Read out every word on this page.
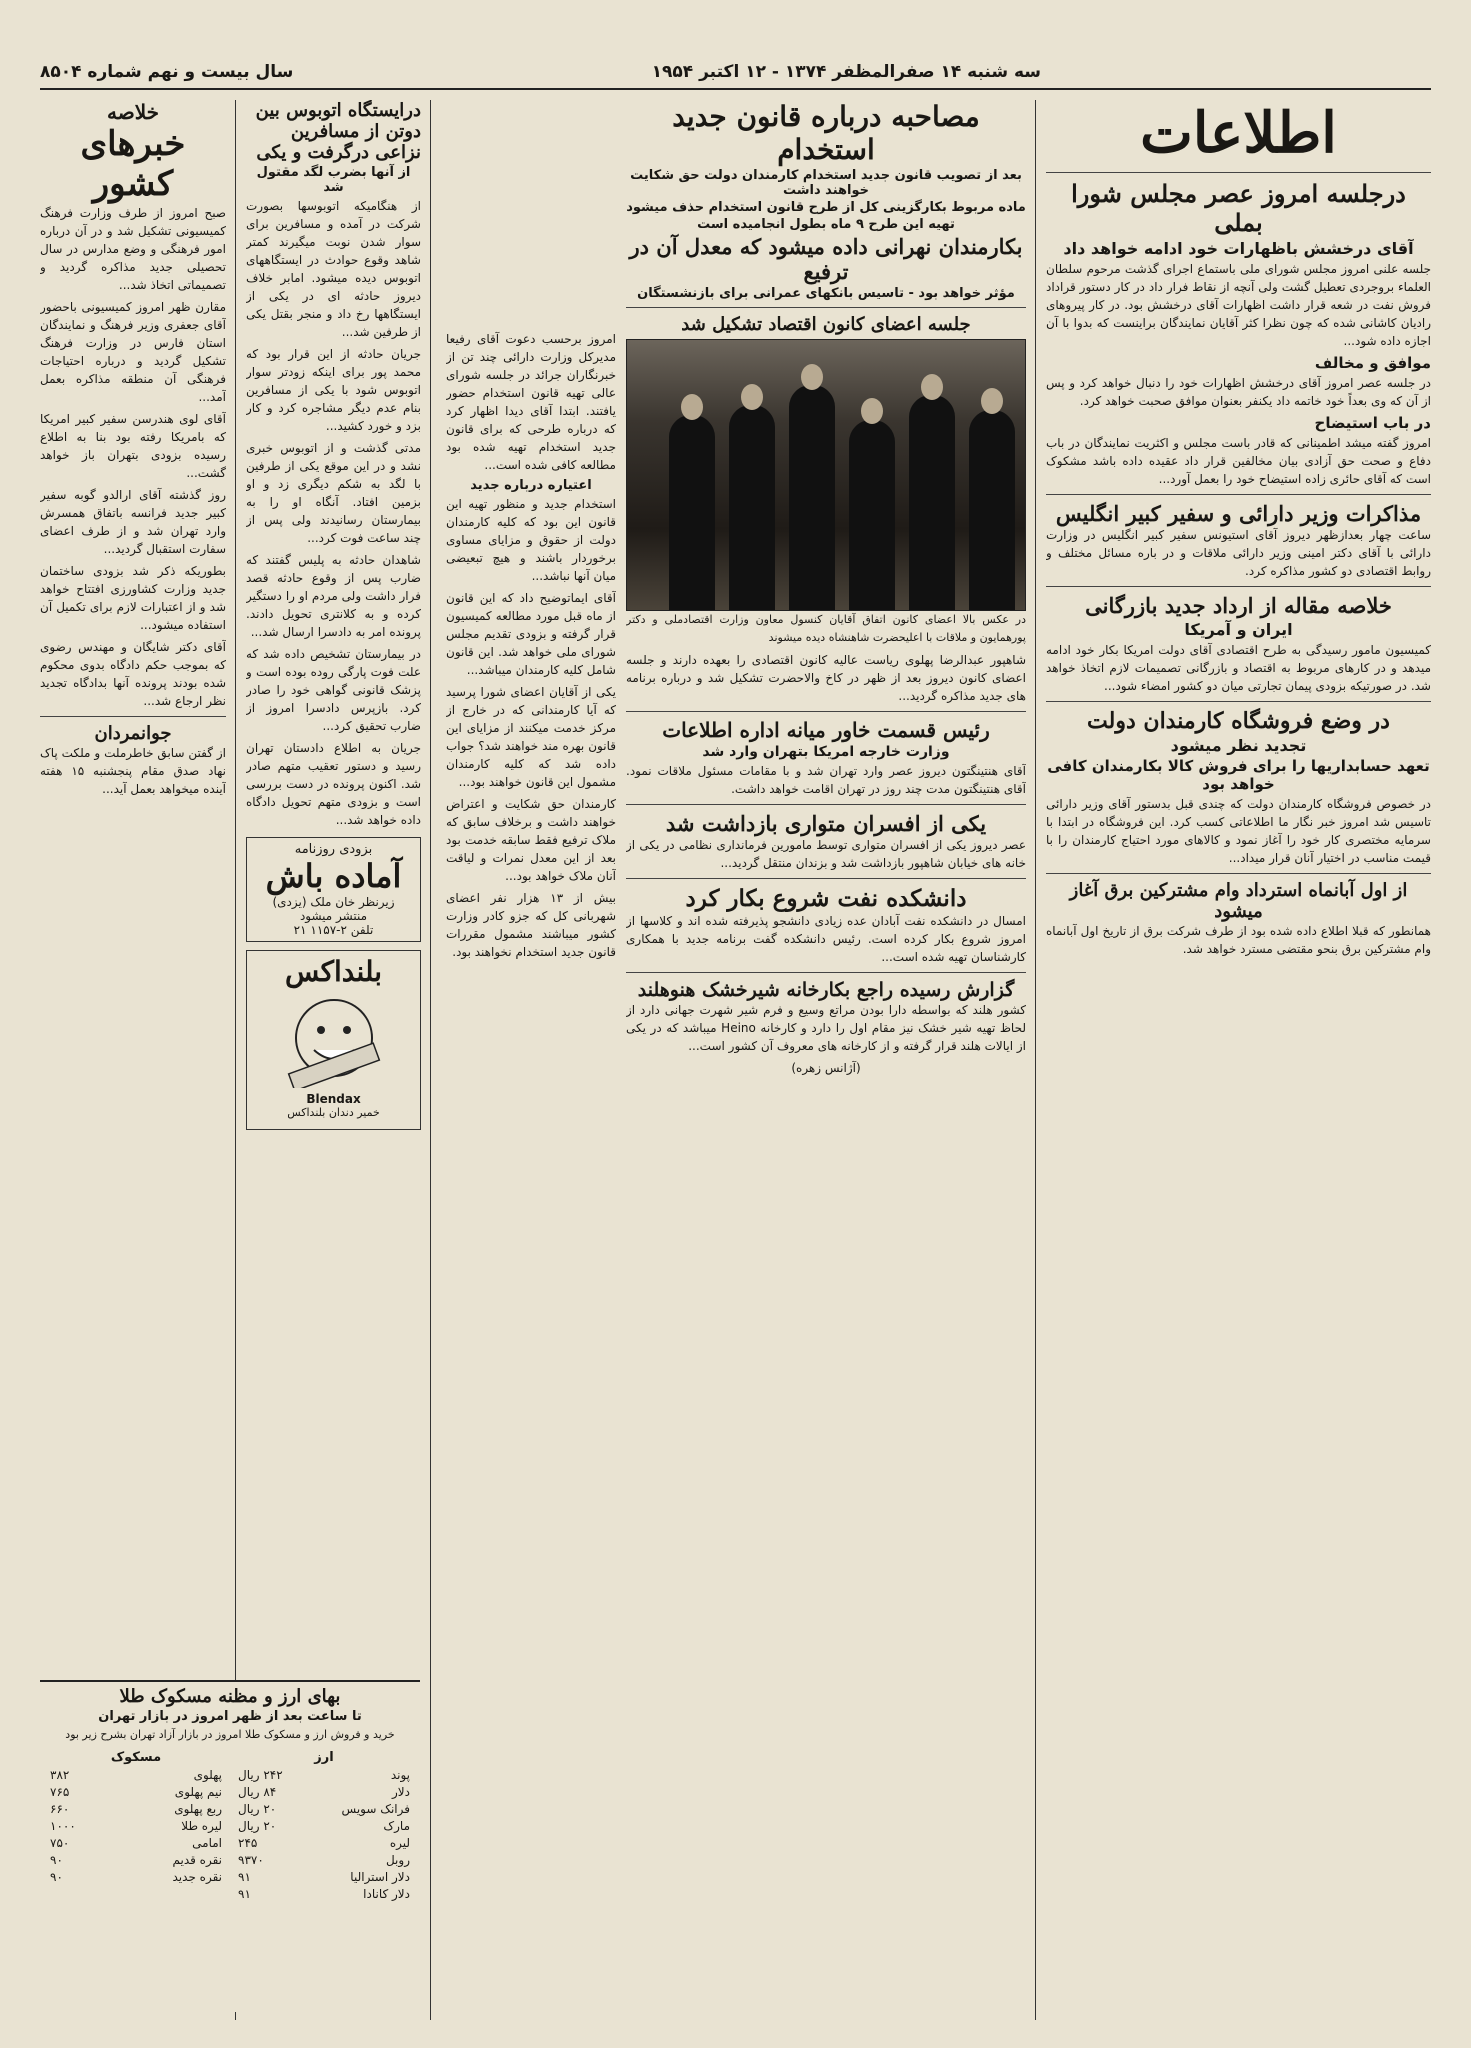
سه شنبه ۱۴ صفرالمظفر ۱۳۷۴ - ۱۲ اکتبر ۱۹۵۴
سال بیست و نهم شماره ۸۵۰۴
اطلاعات
درجلسه امروز عصر مجلس شورا بملی
آقای درخشش باظهارات خود ادامه خواهد داد

جلسه علنی امروز مجلس شورای ملی باستماع اجرای گذشت مرحوم سلطان العلماء بروجردی تعطیل گشت ولی آنچه از نقاط فرار داد در کار دستور قراداد فروش نفت در شعه قرار داشت اظهارات آقای درخشش بود. در کار پیروهای رادیان کاشانی شده که چون نظرا کثر آقایان نمایندگان براینست که بدوا با آن اجازه داده شود...

موافق و مخالف

در جلسه عصر امروز آقای درخشش اظهارات خود را دنبال خواهد کرد و پس از آن که وی بعداً خود خاتمه داد یکنفر بعنوان موافق صحبت خواهد کرد.

در باب استیضاح

امروز گفته میشد اطمینانی که قادر باست مجلس و اکثریت نمایندگان در باب دفاع و صحت حق آزادی بیان مخالفین قرار داد عقیده داده باشد مشکوک است که آقای حائری زاده استیضاح خود را بعمل آورد...

مذاکرات وزیر دارائی و سفیر کبیر انگلیس

ساعت چهار بعدازظهر دیروز آقای استیونس سفیر کبیر انگلیس در وزارت دارائی با آقای دکتر امینی وزیر دارائی ملاقات و در باره مسائل مختلف و روابط اقتصادی دو کشور مذاکره کرد.

خلاصه مقاله از ارداد جدید بازرگانی
ایران و آمریکا

کمیسیون مامور رسیدگی به طرح اقتصادی آقای دولت امریکا بکار خود ادامه میدهد و در کارهای مربوط به اقتصاد و بازرگانی تصمیمات لازم اتخاذ خواهد شد. در صورتیکه بزودی پیمان تجارتی میان دو کشور امضاء شود...

در وضع فروشگاه کارمندان دولت
تجدید نظر میشود
تعهد حسابداریها را برای فروش کالا بکارمندان کافی خواهد بود

در خصوص فروشگاه کارمندان دولت که چندی قبل بدستور آقای وزیر دارائی تاسیس شد امروز خبر نگار ما اطلاعاتی کسب کرد. این فروشگاه در ابتدا با سرمایه مختصری کار خود را آغاز نمود و کالاهای مورد احتیاج کارمندان را با قیمت مناسب در اختیار آنان قرار میداد...

از اول آبانماه استرداد وام مشترکین برق آغاز میشود

همانطور که قبلا اطلاع داده شده بود از طرف شرکت برق از تاریخ اول آبانماه وام مشترکین برق بنحو مقتضی مسترد خواهد شد.

مصاحبه درباره قانون جدید استخدام
بعد از تصویب قانون جدید استخدام کارمندان دولت حق شکایت خواهند داشت
ماده مربوط بکارگزینی کل از طرح قانون استخدام حذف میشود
تهیه این طرح ۹ ماه بطول انجامیده است
بکارمندان نهرانی داده میشود که معدل آن در ترفیع
مؤثر خواهد بود - تاسیس بانکهای عمرانی برای بازنشستگان
جلسه اعضای کانون اقتصاد تشکیل شد

در عکس بالا اعضای کانون اتفاق آقایان کنسول معاون وزارت اقتصادملی و دکتر پورهمایون و ملاقات با اعلیحضرت شاهنشاه دیده میشوند

شاهپور عبدالرضا پهلوی ریاست عالیه کانون اقتصادی را بعهده دارند و جلسه اعضای کانون دیروز بعد از ظهر در کاخ والاحضرت تشکیل شد و درباره برنامه های جدید مذاکره گردید...

رئیس قسمت خاور میانه اداره اطلاعات
وزارت خارجه امریکا بتهران وارد شد

آقای هنتینگتون دیروز عصر وارد تهران شد و با مقامات مسئول ملاقات نمود. آقای هنتینگتون مدت چند روز در تهران اقامت خواهد داشت.

یکی از افسران متواری بازداشت شد

عصر دیروز یکی از افسران متواری توسط مامورین فرمانداری نظامی در یکی از خانه های خیابان شاهپور بازداشت شد و بزندان منتقل گردید...

دانشکده نفت شروع بکار کرد

امسال در دانشکده نفت آبادان عده زیادی دانشجو پذیرفته شده اند و کلاسها از امروز شروع بکار کرده است. رئیس دانشکده گفت برنامه جدید با همکاری کارشناسان تهیه شده است...

گزارش رسیده راجع بکارخانه شیرخشک هنوهلند

کشور هلند که بواسطه دارا بودن مراتع وسیع و فرم شیر شهرت جهانی دارد از لحاظ تهیه شیر خشک نیز مقام اول را دارد و کارخانه Heino میباشد که در یکی از ایالات هلند قرار گرفته و از کارخانه های معروف آن کشور است...

(آژانس زهره)

امروز برحسب دعوت آقای رفیعا مدیرکل وزارت دارائی چند تن از خبرنگاران جرائد در جلسه شورای عالی تهیه قانون استخدام حضور یافتند. ابتدا آقای دیدا اظهار کرد که درباره طرحی که برای قانون جدید استخدام تهیه شده بود مطالعه کافی شده است...

اعتیاره درباره جدید

استخدام جدید و منظور تهیه این قانون این بود که کلیه کارمندان دولت از حقوق و مزایای مساوی برخوردار باشند و هیچ تبعیضی میان آنها نباشد...

آقای ایماتوضیح داد که این قانون از ماه قبل مورد مطالعه کمیسیون قرار گرفته و بزودی تقدیم مجلس شورای ملی خواهد شد. این قانون شامل کلیه کارمندان میباشد...

یکی از آقایان اعضای شورا پرسید که آیا کارمندانی که در خارج از مرکز خدمت میکنند از مزایای این قانون بهره مند خواهند شد؟ جواب داده شد که کلیه کارمندان مشمول این قانون خواهند بود...

کارمندان حق شکایت و اعتراض خواهند داشت و برخلاف سابق که ملاک ترفیع فقط سابقه خدمت بود بعد از این معدل نمرات و لیاقت آنان ملاک خواهد بود...

بیش از ۱۳ هزار نفر اعضای شهربانی کل که جزو کادر وزارت کشور میباشند مشمول مقررات قانون جدید استخدام نخواهند بود.

درایستگاه اتوبوس بین دوتن از مسافرین نزاعی درگرفت و یکی
از آنها بضرب لگد مقتول شد

از هنگامیکه اتوبوسها بصورت شرکت در آمده و مسافرین برای سوار شدن نوبت میگیرند کمتر شاهد وقوع حوادث در ایستگاههای اتوبوس دیده میشود. امابر خلاف دیروز حادثه ای در یکی از ایستگاهها رخ داد و منجر بقتل یکی از طرفین شد...

جریان حادثه از این قرار بود که محمد پور برای اینکه زودتر سوار اتوبوس شود با یکی از مسافرین بنام عدم دیگر مشاجره کرد و کار بزد و خورد کشید...

مدتی گذشت و از اتوبوس خبری نشد و در این موقع یکی از طرفین با لگد به شکم دیگری زد و او بزمین افتاد. آنگاه او را به بیمارستان رسانیدند ولی پس از چند ساعت فوت کرد...

شاهدان حادثه به پلیس گفتند که ضارب پس از وقوع حادثه قصد فرار داشت ولی مردم او را دستگیر کرده و به کلانتری تحویل دادند. پرونده امر به دادسرا ارسال شد...

در بیمارستان تشخیص داده شد که علت فوت پارگی روده بوده است و پزشک قانونی گواهی خود را صادر کرد. بازپرس دادسرا امروز از ضارب تحقیق کرد...

جریان به اطلاع دادستان تهران رسید و دستور تعقیب متهم صادر شد. اکنون پرونده در دست بررسی است و بزودی متهم تحویل دادگاه داده خواهد شد...

بزودی روزنامه
آماده باش
زیرنظر خان ملک (یزدی)
منتشر میشود
تلفن ۲-۱۱۵۷ ۲۱
بلنداکس
Blendax
خمیر دندان بلنداکس
خلاصه
خبرهای کشور

صبح امروز از طرف وزارت فرهنگ کمیسیونی تشکیل شد و در آن درباره امور فرهنگی و وضع مدارس در سال تحصیلی جدید مذاکره گردید و تصمیماتی اتخاذ شد...

مقارن ظهر امروز کمیسیونی باحضور آقای جعفری وزیر فرهنگ و نمایندگان استان فارس در وزارت فرهنگ تشکیل گردید و درباره احتیاجات فرهنگی آن منطقه مذاکره بعمل آمد...

آقای لوی هندرسن سفیر کبیر امریکا که بامریکا رفته بود بنا به اطلاع رسیده بزودی بتهران باز خواهد گشت...

روز گذشته آقای ارالدو گوبه سفیر کبیر جدید فرانسه باتفاق همسرش وارد تهران شد و از طرف اعضای سفارت استقبال گردید...

بطوریکه ذکر شد بزودی ساختمان جدید وزارت کشاورزی افتتاح خواهد شد و از اعتبارات لازم برای تکمیل آن استفاده میشود...

آقای دکتر شایگان و مهندس رضوی که بموجب حکم دادگاه بدوی محکوم شده بودند پرونده آنها بدادگاه تجدید نظر ارجاع شد...

جوانمردان

از گفتن سابق خاطرملت و ملکت پاک نهاد صدق مقام پنجشنبه ۱۵ هفته آینده میخواهد بعمل آید...

بهای ارز و مظنه مسکوک طلا
تا ساعت بعد از ظهر امروز در بازار تهران

خرید و فروش ارز و مسکوک طلا امروز در بازار آزاد تهران بشرح زیر بود

ارز
پوند
۲۴۲ ریال
دلار
۸۴ ریال
فرانک سویس
۲۰ ریال
مارک
۲۰ ریال
لیره
۲۴۵
روبل
۹۳۷۰
دلار استرالیا
۹۱
دلار کانادا
۹۱
مسکوک
پهلوی
۳۸۲
نیم پهلوی
۷۶۵
ربع پهلوی
۶۶۰
لیره طلا
۱۰۰۰
امامی
۷۵۰
نقره قدیم
۹۰
نقره جدید
۹۰
